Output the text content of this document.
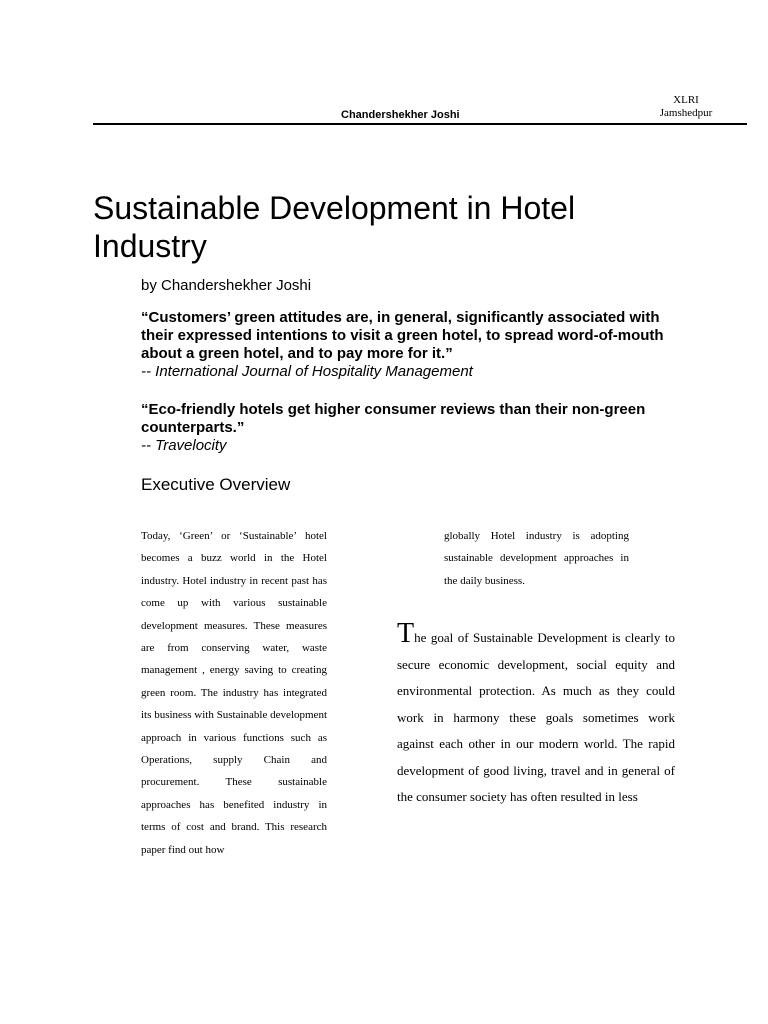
Chandershekher Joshi
XLRI
Jamshedpur
Sustainable Development in Hotel Industry
by Chandershekher Joshi
“Customers’ green attitudes are, in general, significantly associated with their expressed intentions to visit a green hotel, to spread word-of-mouth about a green hotel, and to pay more for it.”
-- International Journal of Hospitality Management
“Eco-friendly hotels get higher consumer reviews than their non-green counterparts.”
-- Travelocity
Executive Overview

Today, ‘Green’ or ‘Sustainable’ hotel becomes a buzz world in the Hotel industry. Hotel industry in recent past has come up with various sustainable development measures. These measures are from conserving water, waste management , energy saving to creating green room. The industry has integrated its business with Sustainable development approach in various functions such as Operations, supply Chain and procurement. These sustainable approaches has benefited industry in terms of cost and brand. This research paper find out how

globally Hotel industry is adopting sustainable development approaches in the daily business.

The goal of Sustainable Development is clearly to secure economic development, social equity and environmental protection. As much as they could work in harmony these goals sometimes work against each other in our modern world. The rapid development of good living, travel and in general of the consumer society has often resulted in less
